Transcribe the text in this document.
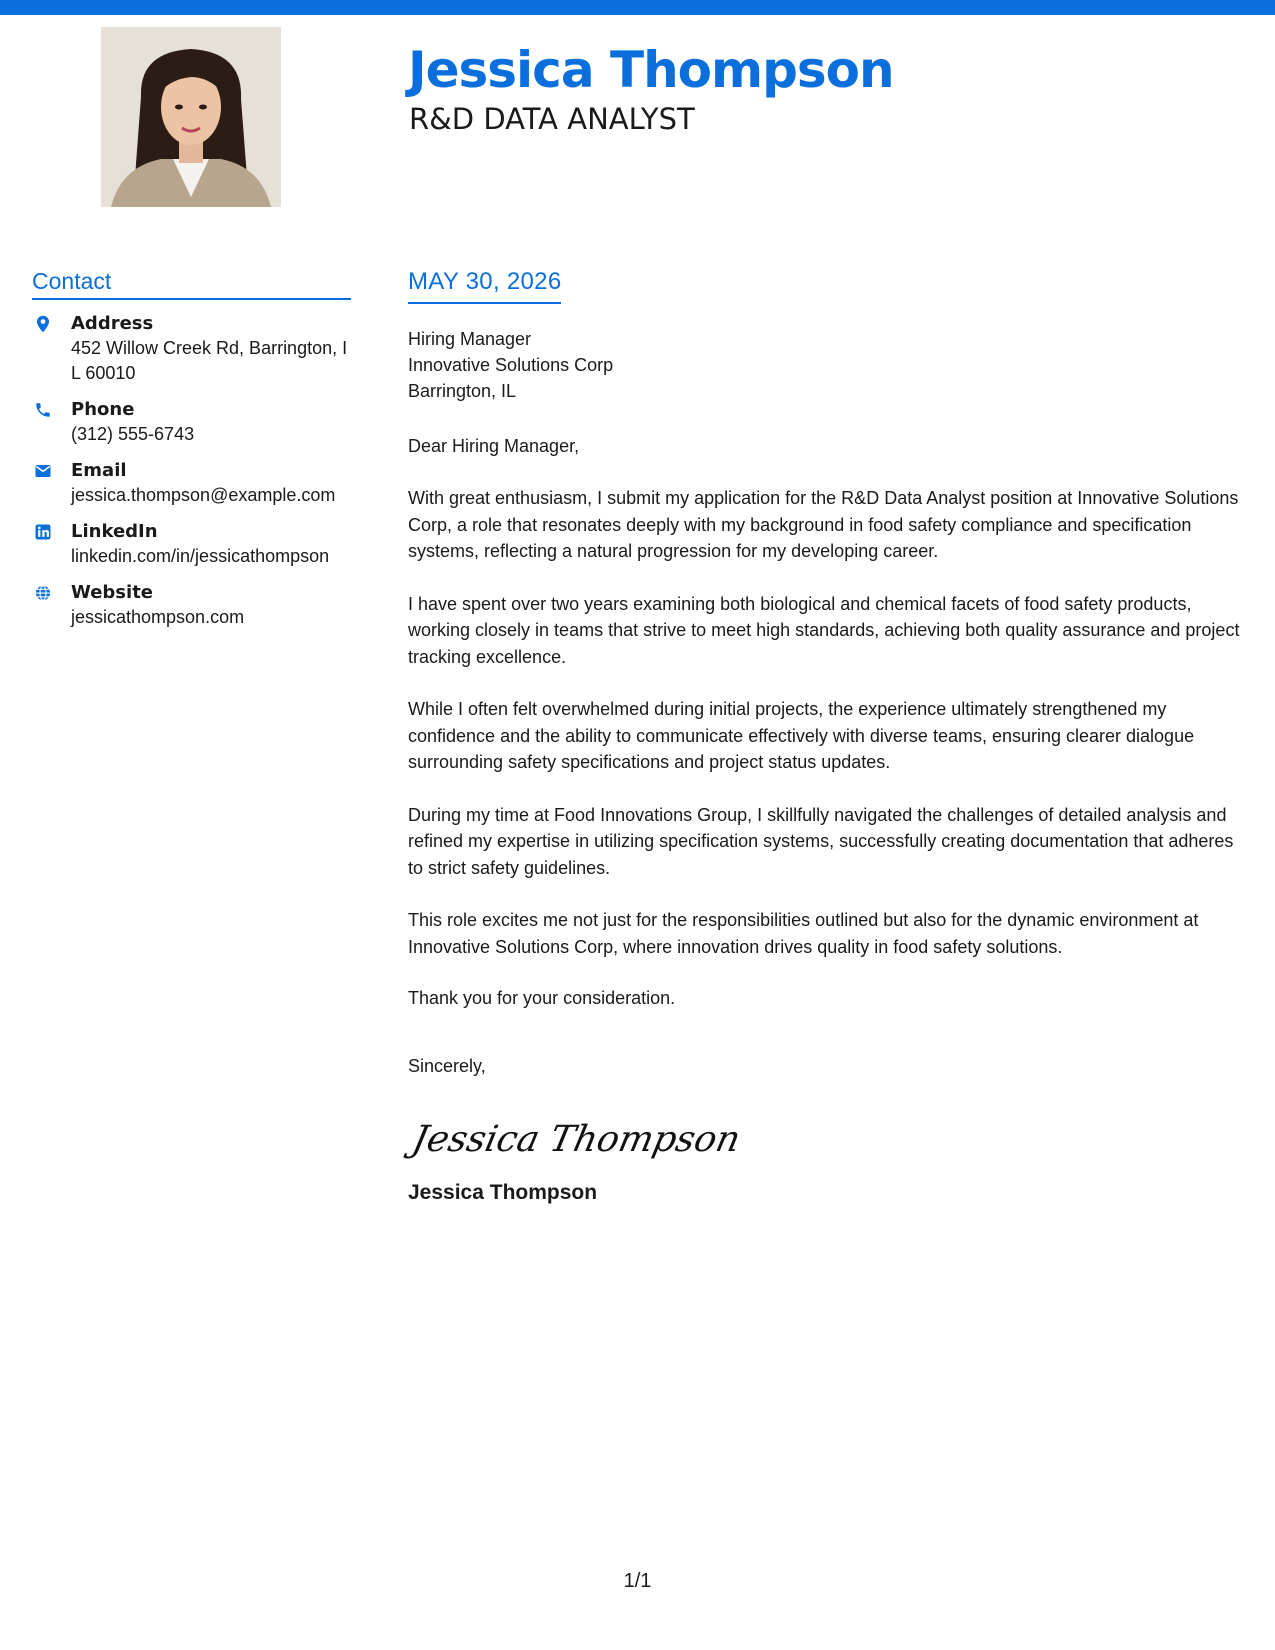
Jessica Thompson
R&D DATA ANALYST
Contact
Address
452 Willow Creek Rd, Barrington, IL 60010
Phone
(312) 555-6743
Email
jessica.thompson@example.com
LinkedIn
linkedin.com/in/jessicathompson
Website
jessicathompson.com
MAY 30, 2026
Hiring Manager
Innovative Solutions Corp
Barrington, IL
Dear Hiring Manager,
With great enthusiasm, I submit my application for the R&D Data Analyst position at Innovative Solutions Corp, a role that resonates deeply with my background in food safety compliance and specification systems, reflecting a natural progression for my developing career.
I have spent over two years examining both biological and chemical facets of food safety products, working closely in teams that strive to meet high standards, achieving both quality assurance and project tracking excellence.
While I often felt overwhelmed during initial projects, the experience ultimately strengthened my confidence and the ability to communicate effectively with diverse teams, ensuring clearer dialogue surrounding safety specifications and project status updates.
During my time at Food Innovations Group, I skillfully navigated the challenges of detailed analysis and refined my expertise in utilizing specification systems, successfully creating documentation that adheres to strict safety guidelines.
This role excites me not just for the responsibilities outlined but also for the dynamic environment at Innovative Solutions Corp, where innovation drives quality in food safety solutions.
Thank you for your consideration.
Sincerely,
Jessica Thompson
Jessica Thompson
1/1
